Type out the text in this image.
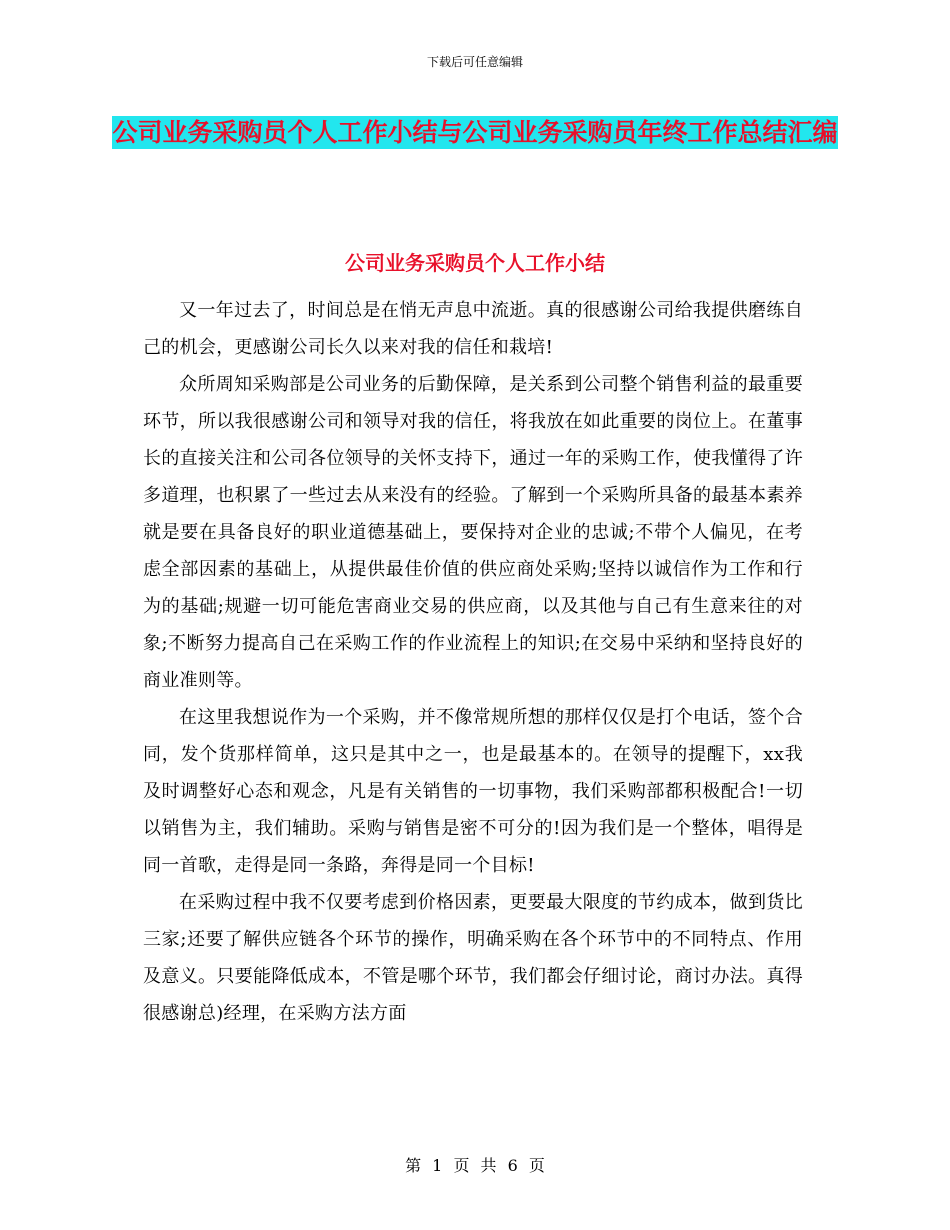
下载后可任意编辑
公司业务采购员个人工作小结与公司业务采购员年终工作总结汇编
公司业务采购员个人工作小结

又一年过去了，时间总是在悄无声息中流逝。真的很感谢公司给我提供磨练自己的机会，更感谢公司长久以来对我的信任和栽培!

众所周知采购部是公司业务的后勤保障，是关系到公司整个销售利益的最重要环节，所以我很感谢公司和领导对我的信任，将我放在如此重要的岗位上。在董事长的直接关注和公司各位领导的关怀支持下，通过一年的采购工作，使我懂得了许多道理，也积累了一些过去从来没有的经验。了解到一个采购所具备的最基本素养就是要在具备良好的职业道德基础上，要保持对企业的忠诚;不带个人偏见，在考虑全部因素的基础上，从提供最佳价值的供应商处采购;坚持以诚信作为工作和行为的基础;规避一切可能危害商业交易的供应商，以及其他与自己有生意来往的对象;不断努力提高自己在采购工作的作业流程上的知识;在交易中采纳和坚持良好的商业准则等。

在这里我想说作为一个采购，并不像常规所想的那样仅仅是打个电话，签个合同，发个货那样简单，这只是其中之一，也是最基本的。在领导的提醒下，xx我及时调整好心态和观念，凡是有关销售的一切事物，我们采购部都积极配合!一切以销售为主，我们辅助。采购与销售是密不可分的!因为我们是一个整体，唱得是同一首歌，走得是同一条路，奔得是同一个目标!

在采购过程中我不仅要考虑到价格因素，更要最大限度的节约成本，做到货比三家;还要了解供应链各个环节的操作，明确采购在各个环节中的不同特点、作用及意义。只要能降低成本，不管是哪个环节，我们都会仔细讨论，商讨办法。真得很感谢总)经理，在采购方法方面

第 1 页 共 6 页
